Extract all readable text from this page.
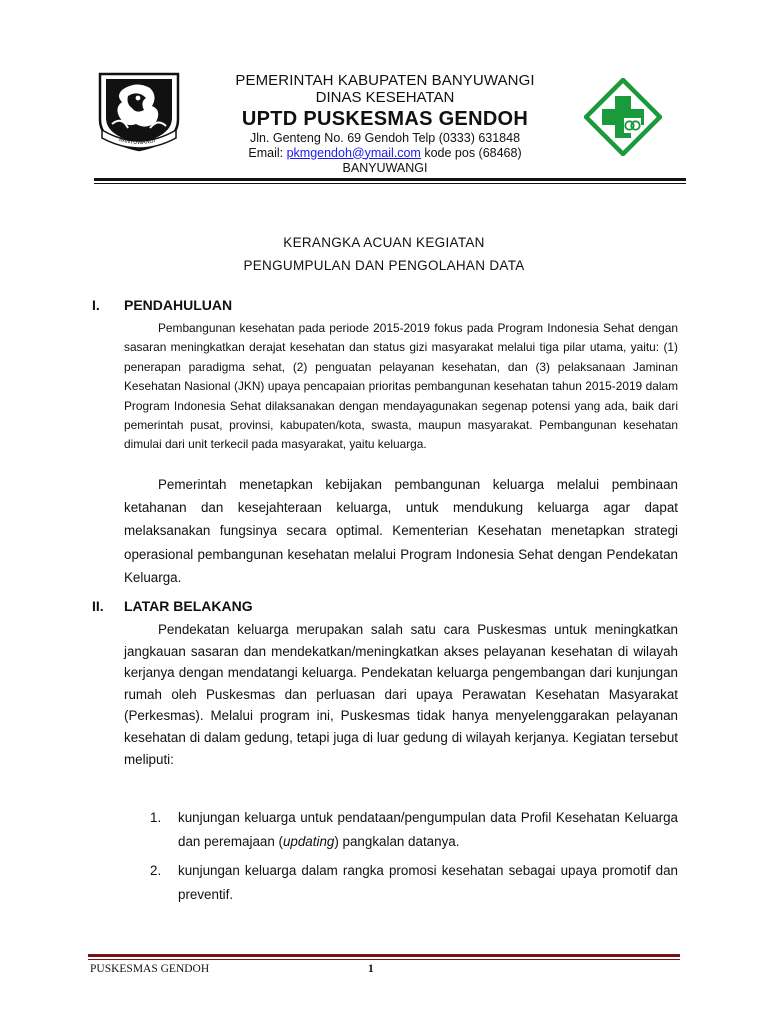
BANYUWANGI
PEMERINTAH KABUPATEN BANYUWANGI
DINAS KESEHATAN
UPTD PUSKESMAS GENDOH
Jln. Genteng No. 69 Gendoh Telp (0333) 631848
Email: pkmgendoh@ymail.com kode pos (68468)
BANYUWANGI
KERANGKA ACUAN KEGIATAN
PENGUMPULAN DAN PENGOLAHAN DATA
I. PENDAHULUAN
Pembangunan kesehatan pada periode 2015-2019 fokus pada Program Indonesia Sehat dengan sasaran meningkatkan derajat kesehatan dan status gizi masyarakat melalui tiga pilar utama, yaitu: (1) penerapan paradigma sehat, (2) penguatan pelayanan kesehatan, dan (3) pelaksanaan Jaminan Kesehatan Nasional (JKN) upaya pencapaian prioritas pembangunan kesehatan tahun 2015-2019 dalam Program Indonesia Sehat dilaksanakan dengan mendayagunakan segenap potensi yang ada, baik dari pemerintah pusat, provinsi, kabupaten/kota, swasta, maupun masyarakat. Pembangunan kesehatan dimulai dari unit terkecil pada masyarakat, yaitu keluarga.
Pemerintah menetapkan kebijakan pembangunan keluarga melalui pembinaan ketahanan dan kesejahteraan keluarga, untuk mendukung keluarga agar dapat melaksanakan fungsinya secara optimal. Kementerian Kesehatan menetapkan strategi operasional pembangunan kesehatan melalui Program Indonesia Sehat dengan Pendekatan Keluarga.
II. LATAR BELAKANG
Pendekatan keluarga merupakan salah satu cara Puskesmas untuk meningkatkan jangkauan sasaran dan mendekatkan/meningkatkan akses pelayanan kesehatan di wilayah kerjanya dengan mendatangi keluarga. Pendekatan keluarga pengembangan dari kunjungan rumah oleh Puskesmas dan perluasan dari upaya Perawatan Kesehatan Masyarakat (Perkesmas). Melalui program ini, Puskesmas tidak hanya menyelenggarakan pelayanan kesehatan di dalam gedung, tetapi juga di luar gedung di wilayah kerjanya. Kegiatan tersebut meliputi:
1.	kunjungan keluarga untuk pendataan/pengumpulan data Profil Kesehatan Keluarga dan peremajaan (updating) pangkalan datanya.
2.	kunjungan keluarga dalam rangka promosi kesehatan sebagai upaya promotif dan preventif.
PUSKESMAS GENDOH	1
